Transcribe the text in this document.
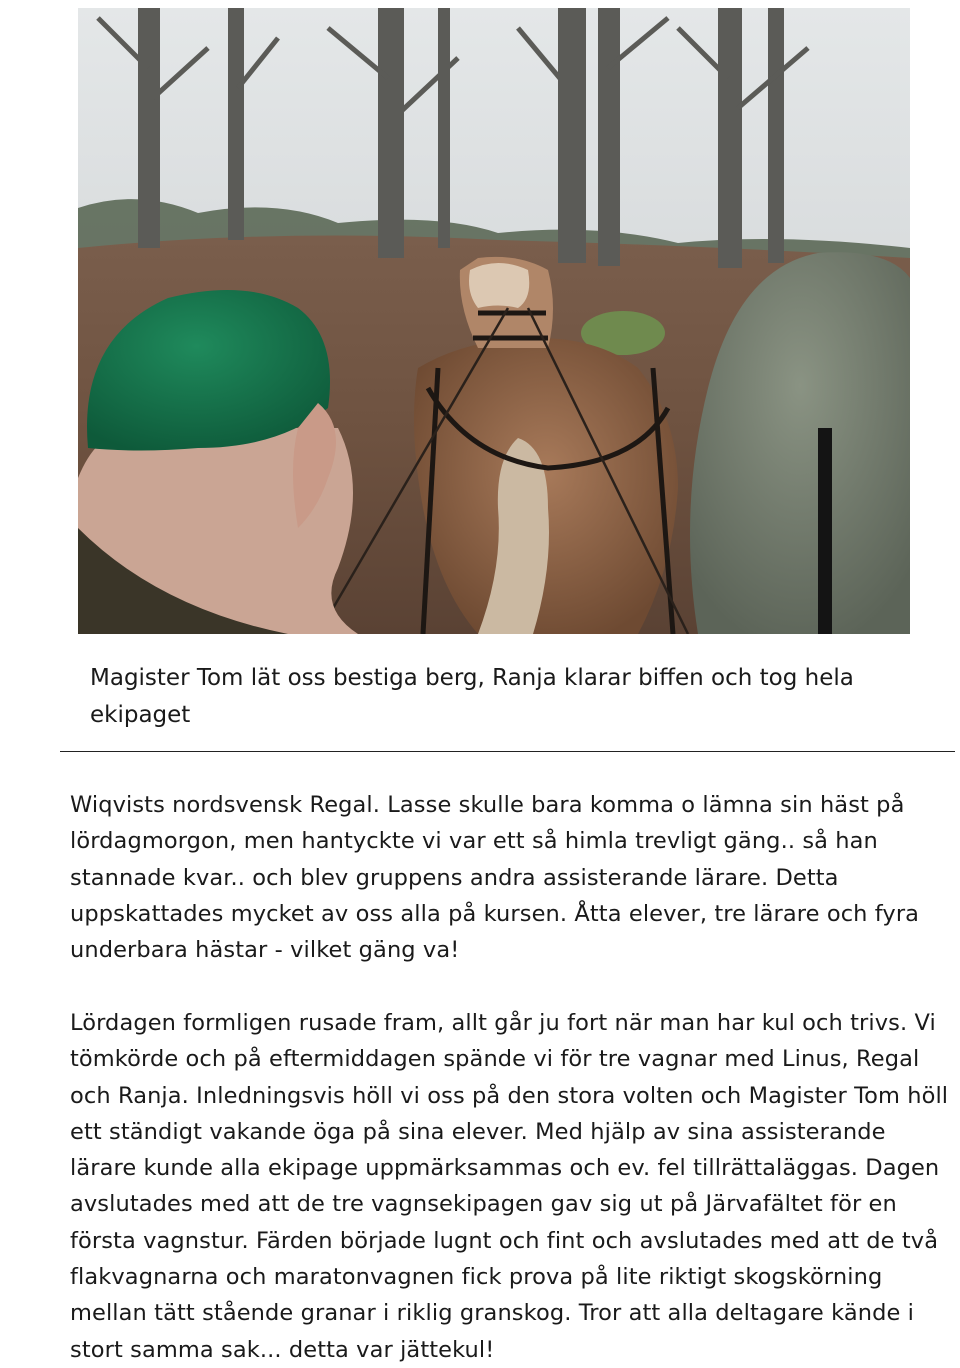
Magister Tom lät oss bestiga berg, Ranja klarar biffen och tog hela ekipaget

Wiqvists nordsvensk Regal. Lasse skulle bara komma o lämna sin häst på lördagmorgon, men hantyckte vi var ett så himla trevligt gäng.. så han stannade kvar.. och blev gruppens andra assisterande lärare. Detta uppskattades mycket av oss alla på kursen. Åtta elever, tre lärare och fyra underbara hästar - vilket gäng va!

Lördagen formligen rusade fram, allt går ju fort när man har kul och trivs. Vi tömkörde och på eftermiddagen spände vi för tre vagnar med Linus, Regal och Ranja. Inledningsvis höll vi oss på den stora volten och Magister Tom höll ett ständigt vakande öga på sina elever. Med hjälp av sina assisterande lärare kunde alla ekipage uppmärksammas och ev. fel tillrättaläggas. Dagen avslutades med att de tre vagnsekipagen gav sig ut på Järvafältet för en första vagnstur. Färden började lugnt och fint och avslutades med att de två flakvagnarna och maratonvagnen fick prova på lite riktigt skogskörning mellan tätt stående granar i riklig granskog. Tror att alla deltagare kände i stort samma sak... detta var jättekul!
